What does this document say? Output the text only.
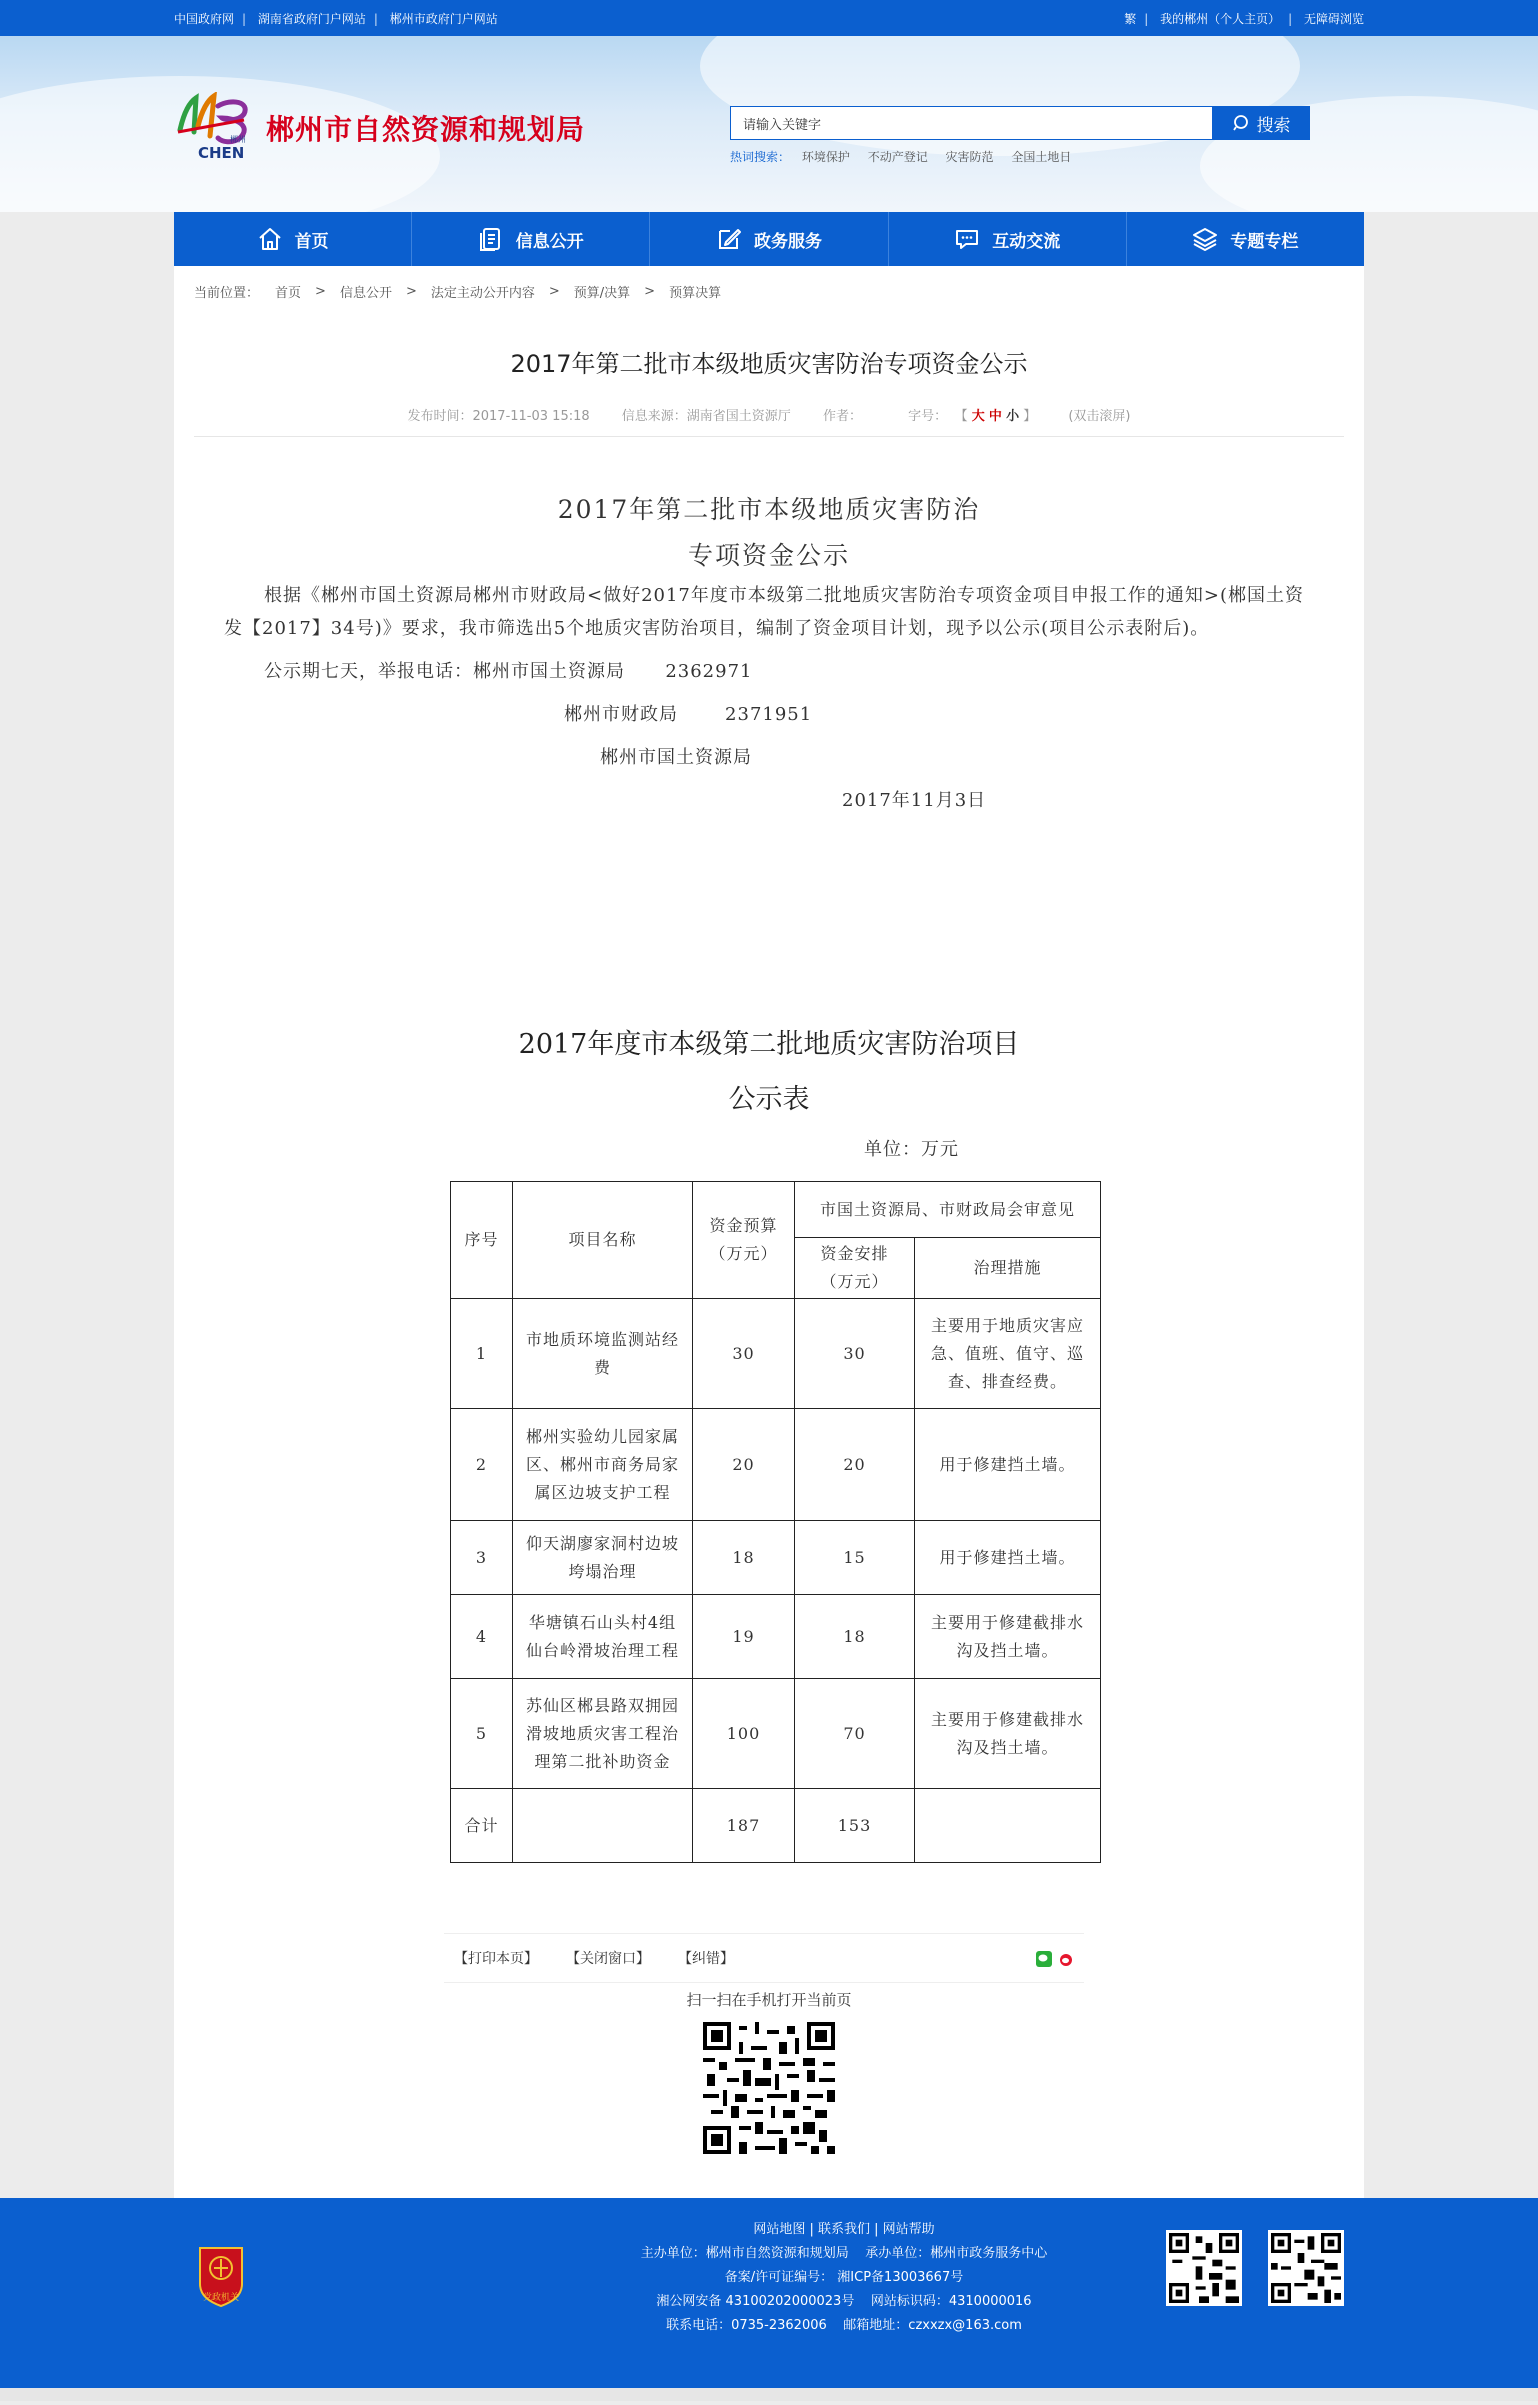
中国政府网 | 湖南省政府门户网站 | 郴州市政府门户网站	繁 | 我的郴州（个人主页） | 无障碍浏览
CHEN
郴州 郴州市自然资源和规划局
请输入关键字	搜索
热词搜索： 环境保护 不动产登记 灾害防范 全国土地日
首页	信息公开	政务服务	互动交流	专题专栏
当前位置： 首页 > 信息公开 > 法定主动公开内容 > 预算/决算 > 预算决算
2017年第二批市本级地质灾害防治专项资金公示
发布时间：2017-11-03 15:18 信息来源：湖南省国土资源厅 作者：	字号： 【 大 中 小 】 (双击滚屏)
2017年第二批市本级地质灾害防治
专项资金公示

根据《郴州市国土资源局郴州市财政局<做好2017年度市本级第二批地质灾害防治专项资金项目申报工作的通知>(郴国土资发【2017】34号)》要求，我市筛选出5个地质灾害防治项目，编制了资金项目计划，现予以公示(项目公示表附后)。

公示期七天，举报电话：郴州市国土资源局      2362971

郴州市财政局       2371951

郴州市国土资源局

2017年11月3日

2017年度市本级第二批地质灾害防治项目
公示表
单位：万元
序号	项目名称	资金预算（万元）	市国土资源局、市财政局会审意见	
			资金安排（万元）	治理措施
1	市地质环境监测站经费	30	30	主要用于地质灾害应急、值班、值守、巡查、排查经费。
2	郴州实验幼儿园家属区、郴州市商务局家属区边坡支护工程	20	20	用于修建挡土墙。
3	仰天湖廖家洞村边坡垮塌治理	18	15	用于修建挡土墙。
4	华塘镇石山头村4组仙台岭滑坡治理工程	19	18	主要用于修建截排水沟及挡土墙。
5	苏仙区郴县路双拥园滑坡地质灾害工程治理第二批补助资金	100	70	主要用于修建截排水沟及挡土墙。
合计		187	153	
【打印本页】 【关闭窗口】 【纠错】
扫一扫在手机打开当前页
党政机关
网站地图 | 联系我们 | 网站帮助
主办单位：郴州市自然资源和规划局    承办单位：郴州市政务服务中心
备案/许可证编号： 湘ICP备13003667号
湘公网安备 43100202000023号    网站标识码：4310000016
联系电话：0735-2362006    邮箱地址：czxxzx@163.com
